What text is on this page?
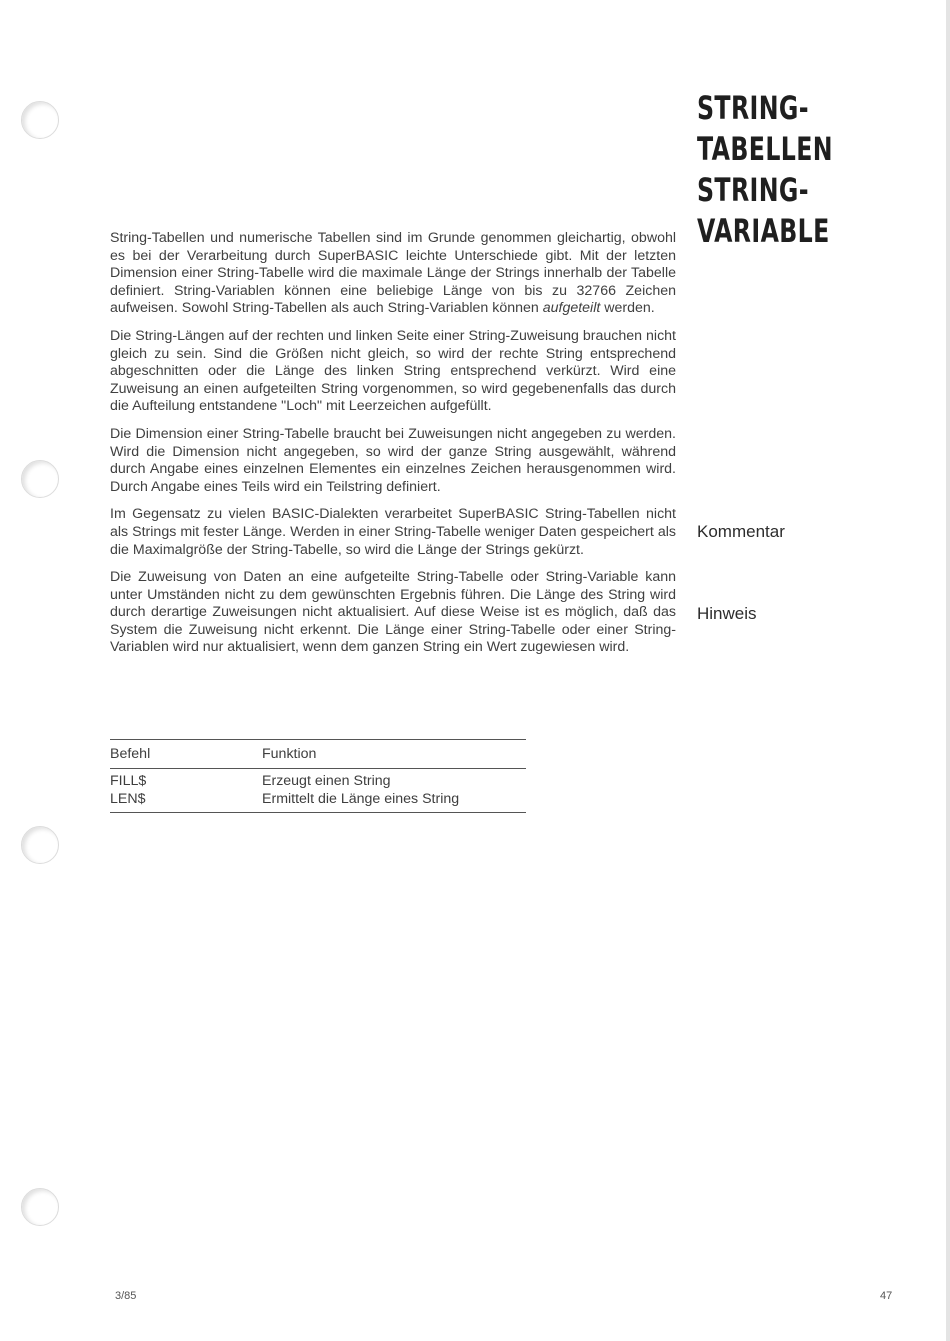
STRING-
TABELLEN
STRING-
VARIABLE

String-Tabellen und numerische Tabellen sind im Grunde genommen gleichartig, obwohl es bei der Verarbeitung durch SuperBASIC leichte Unterschiede gibt. Mit der letzten Dimension einer String-Tabelle wird die maximale Länge der Strings innerhalb der Tabelle definiert. String-Variablen können eine beliebige Länge von bis zu 32766 Zeichen aufweisen. Sowohl String-Tabellen als auch String-Variablen können aufgeteilt werden.

Die String-Längen auf der rechten und linken Seite einer String-Zuweisung brauchen nicht gleich zu sein. Sind die Größen nicht gleich, so wird der rechte String entsprechend abgeschnitten oder die Länge des linken String entsprechend verkürzt. Wird eine Zuweisung an einen aufgeteilten String vorgenommen, so wird gegebenenfalls das durch die Aufteilung entstandene "Loch" mit Leerzeichen aufgefüllt.

Die Dimension einer String-Tabelle braucht bei Zuweisungen nicht angegeben zu werden. Wird die Dimension nicht angegeben, so wird der ganze String ausgewählt, während durch Angabe eines einzelnen Elementes ein einzelnes Zeichen herausgenommen wird. Durch Angabe eines Teils wird ein Teilstring definiert.

Im Gegensatz zu vielen BASIC-Dialekten verarbeitet SuperBASIC String-Tabellen nicht als Strings mit fester Länge. Werden in einer String-Tabelle weniger Daten gespeichert als die Maximalgröße der String-Tabelle, so wird die Länge der Strings gekürzt.

Die Zuweisung von Daten an eine aufgeteilte String-Tabelle oder String-Variable kann unter Umständen nicht zu dem gewünschten Ergebnis führen. Die Länge des String wird durch derartige Zuweisungen nicht aktualisiert. Auf diese Weise ist es möglich, daß das System die Zuweisung nicht erkennt. Die Länge einer String-Tabelle oder einer String-Variablen wird nur aktualisiert, wenn dem ganzen String ein Wert zugewiesen wird.

Kommentar
Hinweis
Befehl	Funktion
FILL$	Erzeugt einen String
LEN$	Ermittelt die Länge eines String
3/85	47
